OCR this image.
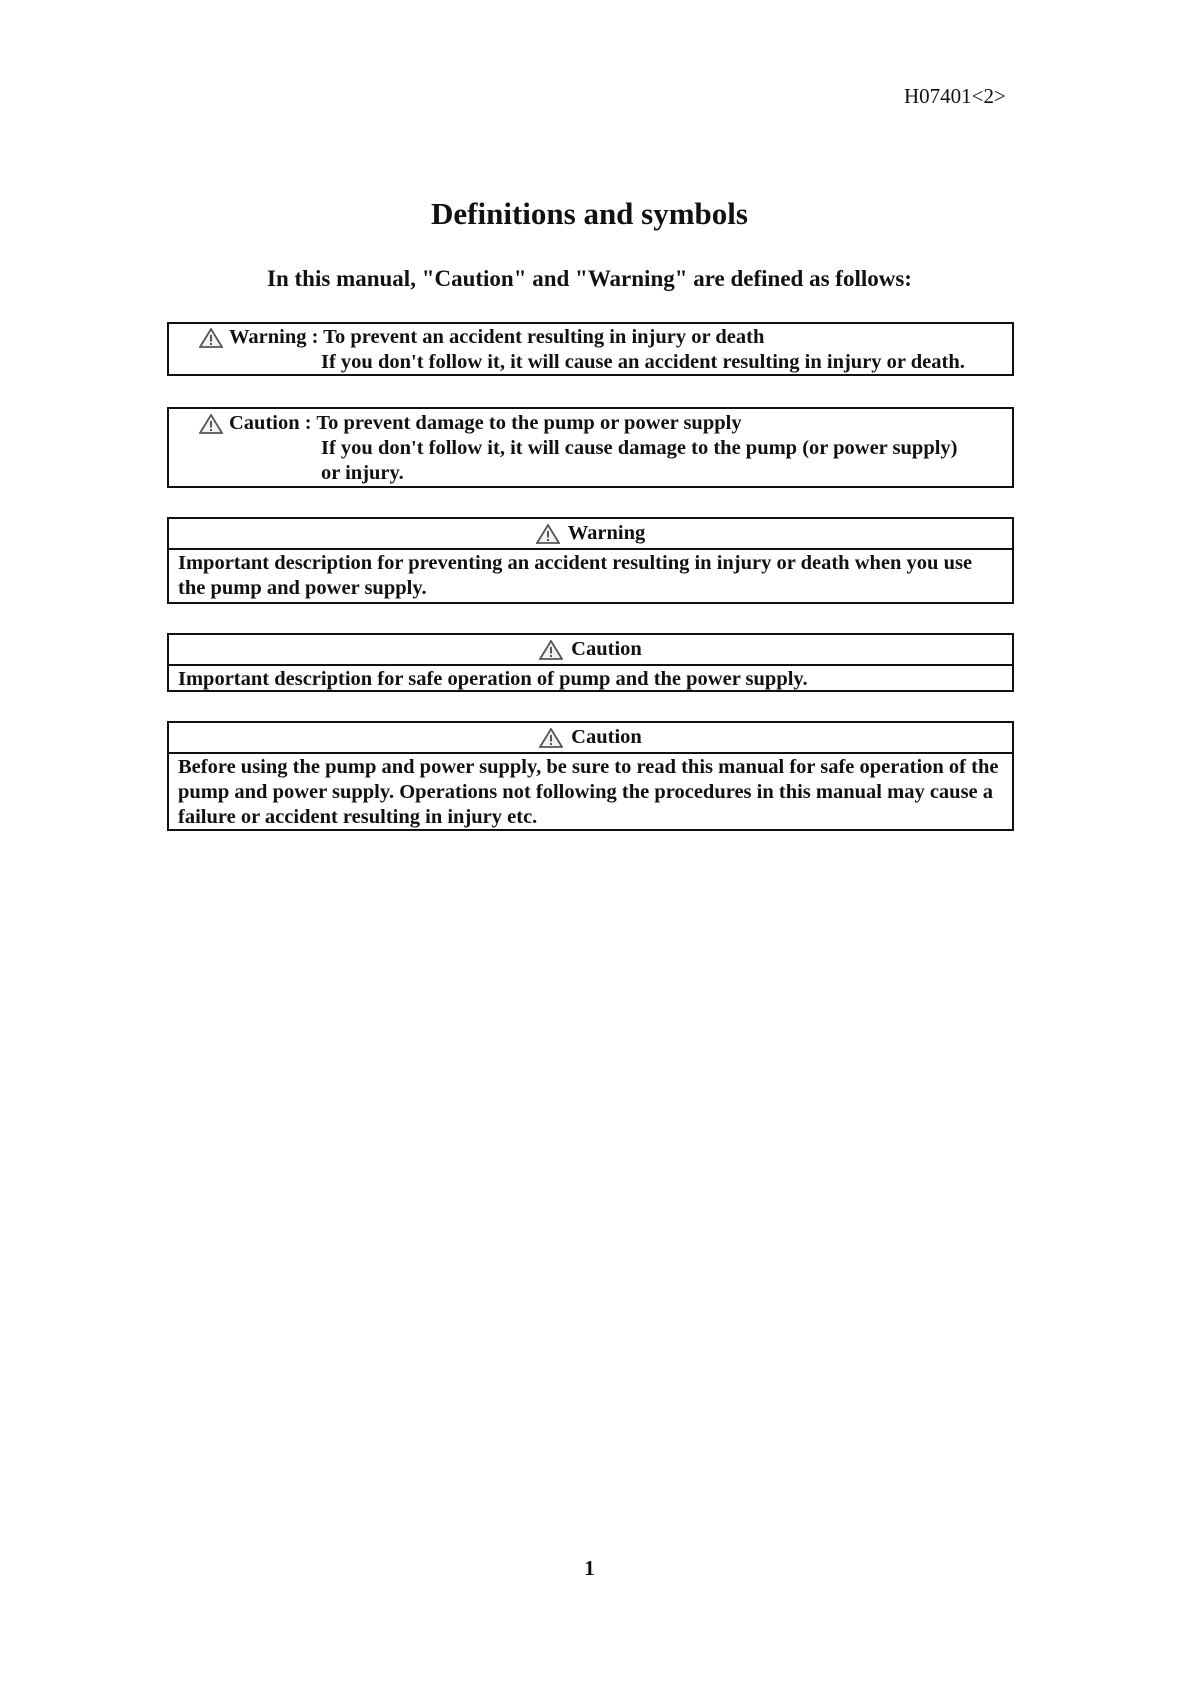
H07401<2>
Definitions and symbols
In this manual, "Caution" and "Warning" are defined as follows:
Warning : To prevent an accident resulting in injury or death
If you don't follow it, it will cause an accident resulting in injury or death.
Caution : To prevent damage to the pump or power supply
If you don't follow it, it will cause damage to the pump (or power supply)
or injury.
Warning
Important description for preventing an accident resulting in injury or death when you use the pump and power supply.
Caution
Important description for safe operation of pump and the power supply.
Caution
Before using the pump and power supply, be sure to read this manual for safe operation of the pump and power supply. Operations not following the procedures in this manual may cause a failure or accident resulting in injury etc.
1
